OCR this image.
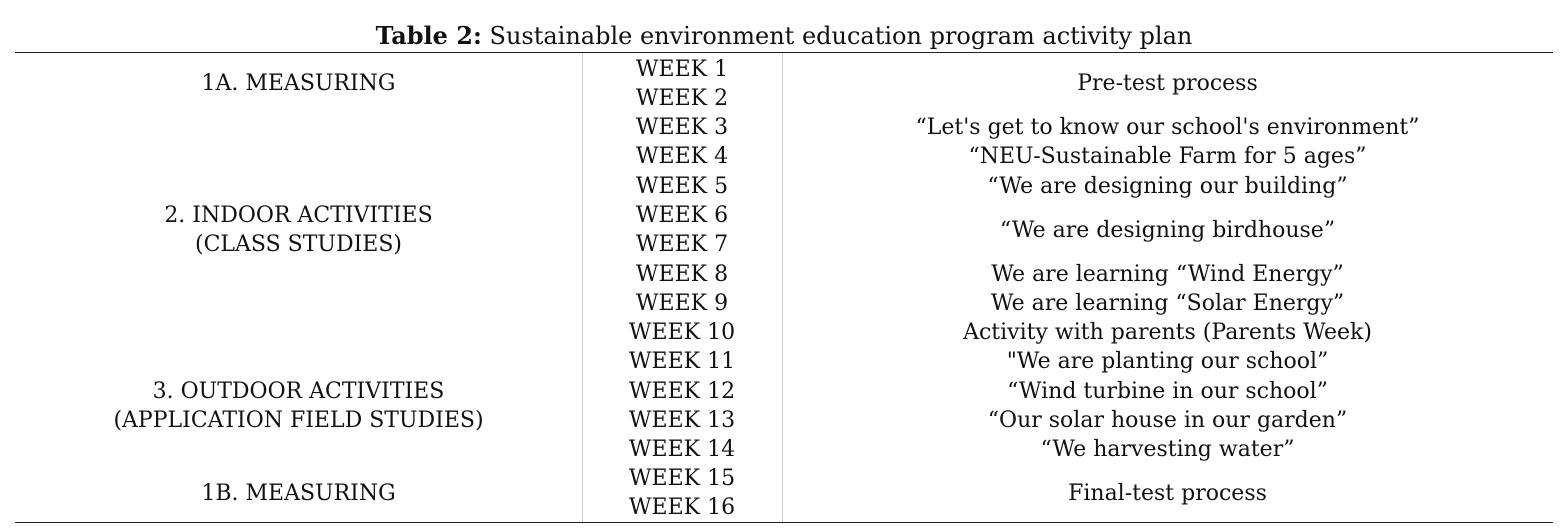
Table 2: Sustainable environment education program activity plan
1A. MEASURING
2. INDOOR ACTIVITIES
(CLASS STUDIES)
3. OUTDOOR ACTIVITIES
(APPLICATION FIELD STUDIES)
1B. MEASURING
WEEK 1
WEEK 2
WEEK 3
WEEK 4
WEEK 5
WEEK 6
WEEK 7
WEEK 8
WEEK 9
WEEK 10
WEEK 11
WEEK 12
WEEK 13
WEEK 14
WEEK 15
WEEK 16
Pre-test process
“Let's get to know our school's environment”
“NEU-Sustainable Farm for 5 ages”
“We are designing our building”
“We are designing birdhouse”
We are learning “Wind Energy”
We are learning “Solar Energy”
Activity with parents (Parents Week)
"We are planting our school”
“Wind turbine in our school”
“Our solar house in our garden”
“We harvesting water”
Final-test process
